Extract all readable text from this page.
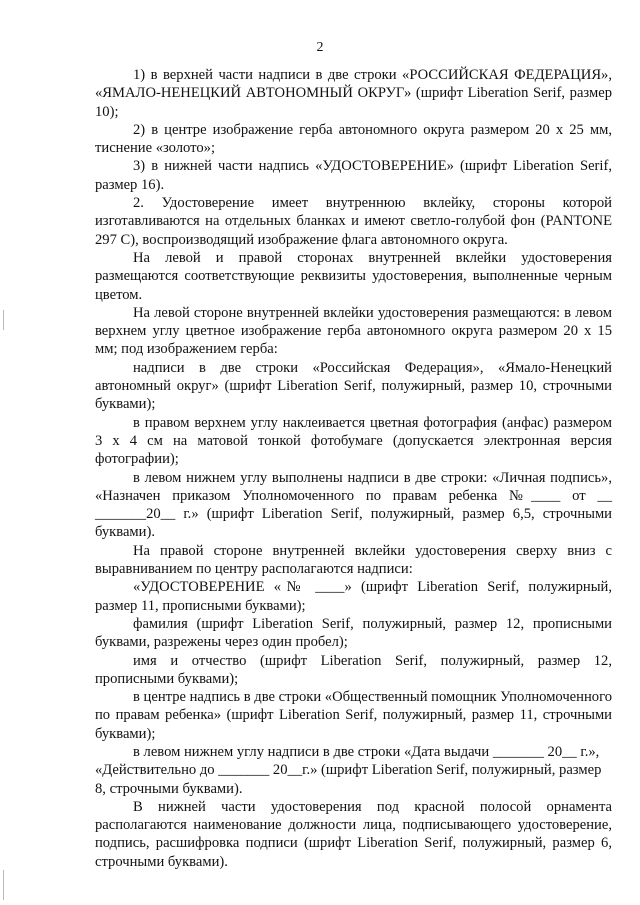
2

1) в верхней части надписи в две строки «РОССИЙСКАЯ ФЕДЕРАЦИЯ», «ЯМАЛО-НЕНЕЦКИЙ АВТОНОМНЫЙ ОКРУГ» (шрифт Liberation Serif, размер 10);

2) в центре изображение герба автономного округа размером 20 х 25 мм, тиснение «золото»;

3) в нижней части надпись «УДОСТОВЕРЕНИЕ» (шрифт Liberation Serif, размер 16).

2. Удостоверение имеет внутреннюю вклейку, стороны которой изготавливаются на отдельных бланках и имеют светло-голубой фон (PANTONE 297 C), воспроизводящий изображение флага автономного округа.

На левой и правой сторонах внутренней вклейки удостоверения размещаются соответствующие реквизиты удостоверения, выполненные черным цветом.

На левой стороне внутренней вклейки удостоверения размещаются: в левом верхнем углу цветное изображение герба автономного округа размером 20 х 15 мм; под изображением герба:

надписи в две строки «Российская Федерация», «Ямало-Ненецкий автономный округ» (шрифт Liberation Serif, полужирный, размер 10, строчными буквами);

в правом верхнем углу наклеивается цветная фотография (анфас) размером 3 х 4 см на матовой тонкой фотобумаге (допускается электронная версия фотографии);

в левом нижнем углу выполнены надписи в две строки: «Личная подпись», «Назначен приказом Уполномоченного по правам ребенка №____ от __ _______20__ г.» (шрифт Liberation Serif, полужирный, размер 6,5, строчными буквами).

На правой стороне внутренней вклейки удостоверения сверху вниз с выравниванием по центру располагаются надписи:

«УДОСТОВЕРЕНИЕ «№ ____» (шрифт Liberation Serif, полужирный, размер 11, прописными буквами);

фамилия (шрифт Liberation Serif, полужирный, размер 12, прописными буквами, разрежены через один пробел);

имя и отчество (шрифт Liberation Serif, полужирный, размер 12, прописными буквами);

в центре надпись в две строки «Общественный помощник Уполномоченного по правам ребенка» (шрифт Liberation Serif, полужирный, размер 11, строчными буквами);

в левом нижнем углу надписи в две строки «Дата выдачи _______ 20__ г.», «Действительно до _______ 20__г.» (шрифт Liberation Serif, полужирный, размер 8, строчными буквами).

В нижней части удостоверения под красной полосой орнамента располагаются наименование должности лица, подписывающего удостоверение, подпись, расшифровка подписи (шрифт Liberation Serif, полужирный, размер 6, строчными буквами).
